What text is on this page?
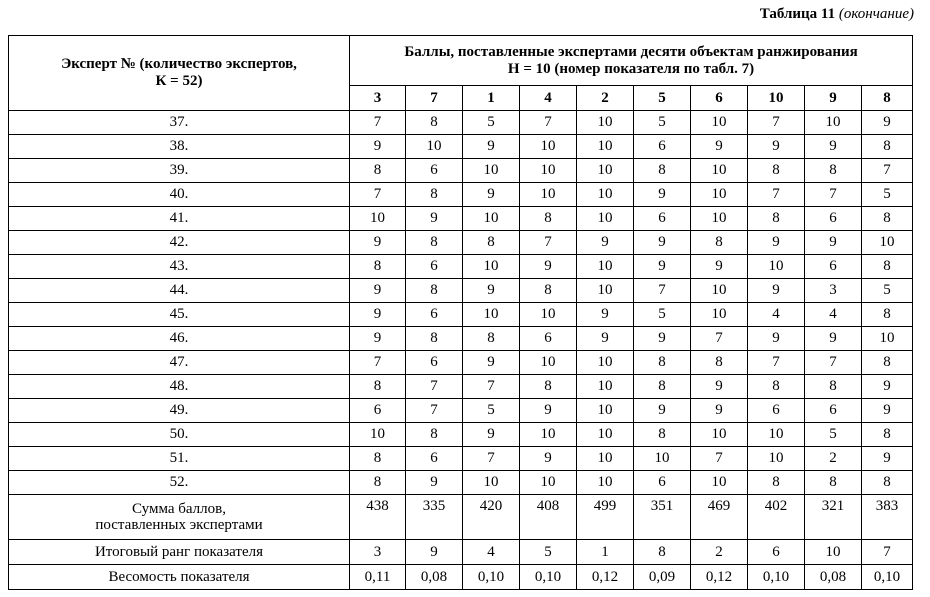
Таблица 11 (окончание)
Эксперт № (количество экспертов,
К = 52)	Баллы, поставленные экспертами десяти объектам ранжирования
Н = 10 (номер показателя по табл. 7)									
	3	7	1	4	2	5	6	10	9	8
37.	7	8	5	7	10	5	10	7	10	9
38.	9	10	9	10	10	6	9	9	9	8
39.	8	6	10	10	10	8	10	8	8	7
40.	7	8	9	10	10	9	10	7	7	5
41.	10	9	10	8	10	6	10	8	6	8
42.	9	8	8	7	9	9	8	9	9	10
43.	8	6	10	9	10	9	9	10	6	8
44.	9	8	9	8	10	7	10	9	3	5
45.	9	6	10	10	9	5	10	4	4	8
46.	9	8	8	6	9	9	7	9	9	10
47.	7	6	9	10	10	8	8	7	7	8
48.	8	7	7	8	10	8	9	8	8	9
49.	6	7	5	9	10	9	9	6	6	9
50.	10	8	9	10	10	8	10	10	5	8
51.	8	6	7	9	10	10	7	10	2	9
52.	8	9	10	10	10	6	10	8	8	8
Сумма баллов,
поставленных экспертами	438	335	420	408	499	351	469	402	321	383
Итоговый ранг показателя	3	9	4	5	1	8	2	6	10	7
Весомость показателя	0,11	0,08	0,10	0,10	0,12	0,09	0,12	0,10	0,08	0,10
